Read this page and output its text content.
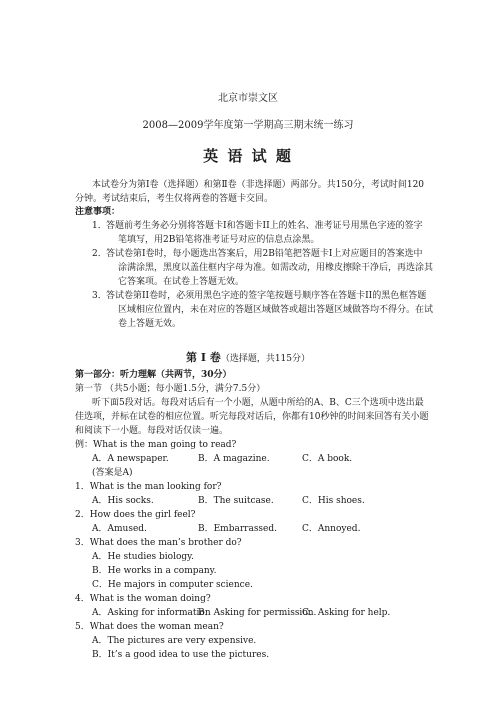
北京市崇文区
2008—2009学年度第一学期高三期末统一练习
英 语 试 题
本试卷分为第Ⅰ卷（选择题）和第Ⅱ卷（非选择题）两部分。共150分，考试时间120
分钟。考试结束后，考生仅将两卷的答题卡交回。
注意事项：
1． 答题前考生务必分别将答题卡I和答题卡II上的姓名、准考证号用黑色字迹的签字
笔填写，用2B铅笔将准考证号对应的信息点涂黑。
2． 答试卷第I卷时，每小题选出答案后，用2B铅笔把答题卡Ⅰ上对应题目的答案选中
涂满涂黑，黑度以盖住框内字母为准。如需改动，用橡皮擦除干净后，再选涂其
它答案项。在试卷上答题无效。
3． 答试卷第II卷时，必须用黑色字迹的签字笔按题号顺序答在答题卡II的黑色框答题
区域相应位置内，未在对应的答题区域做答或超出答题区域做答均不得分。在试
卷上答题无效。
第 Ⅰ 卷（选择题，共115分）
第一部分：听力理解（共两节，30分）
第一节 （共5小题；每小题1.5分，满分7.5分）
听下面5段对话。每段对话后有一个小题，从题中所给的A、B、C三个选项中选出最
佳选项，并标在试卷的相应位置。听完每段对话后，你都有10秒钟的时间来回答有关小题
和阅读下一小题。每段对话仅读一遍。
例：What is the man going to read?
A．A newspaper.	B．A magazine.	C．A book.
(答案是A)
1．What is the man looking for?
A．His socks.	B．The suitcase.	C．His shoes.
2．How does the girl feel?
A．Amused.	B．Embarrassed.	C．Annoyed.
3．What does the man’s brother do?
A．He studies biology.
B．He works in a company.
C．He majors in computer science.
4．What is the woman doing?
A．Asking for information
B．Asking for permission.
C．Asking for help.
5．What does the woman mean?
A．The pictures are very expensive.
B．It’s a good idea to use the pictures.
